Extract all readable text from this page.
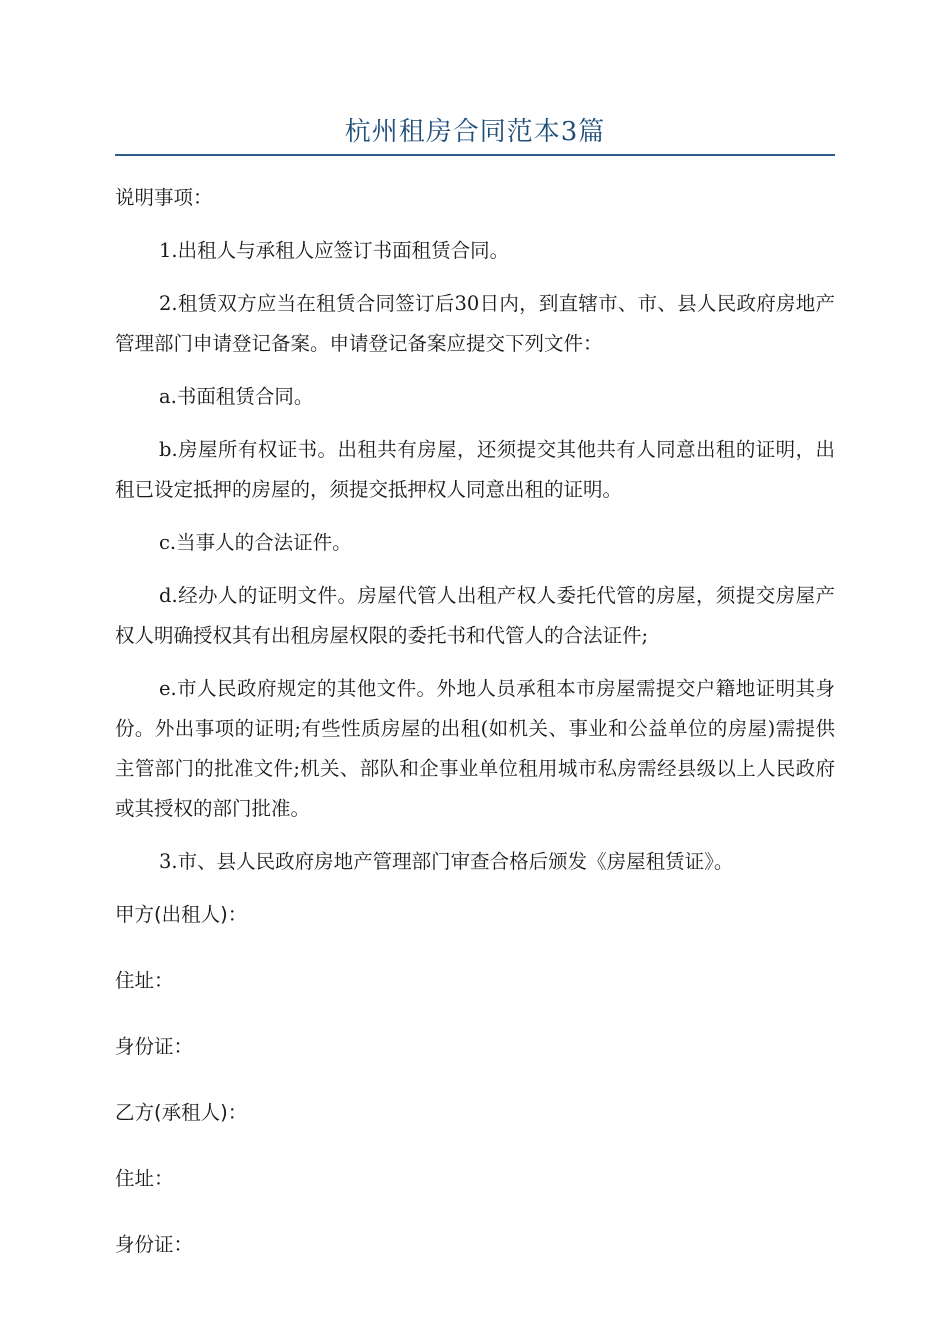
杭州租房合同范本3篇

说明事项：

1.出租人与承租人应签订书面租赁合同。

2.租赁双方应当在租赁合同签订后30日内，到直辖市、市、县人民政府房地产管理部门申请登记备案。申请登记备案应提交下列文件：

a.书面租赁合同。

b.房屋所有权证书。出租共有房屋，还须提交其他共有人同意出租的证明，出租已设定抵押的房屋的，须提交抵押权人同意出租的证明。

c.当事人的合法证件。

d.经办人的证明文件。房屋代管人出租产权人委托代管的房屋，须提交房屋产权人明确授权其有出租房屋权限的委托书和代管人的合法证件;

e.市人民政府规定的其他文件。外地人员承租本市房屋需提交户籍地证明其身份。外出事项的证明;有些性质房屋的出租(如机关、事业和公益单位的房屋)需提供主管部门的批准文件;机关、部队和企事业单位租用城市私房需经县级以上人民政府或其授权的部门批准。

3.市、县人民政府房地产管理部门审查合格后颁发《房屋租赁证》。

甲方(出租人)：
住址：
身份证：
乙方(承租人)：
住址：
身份证：
